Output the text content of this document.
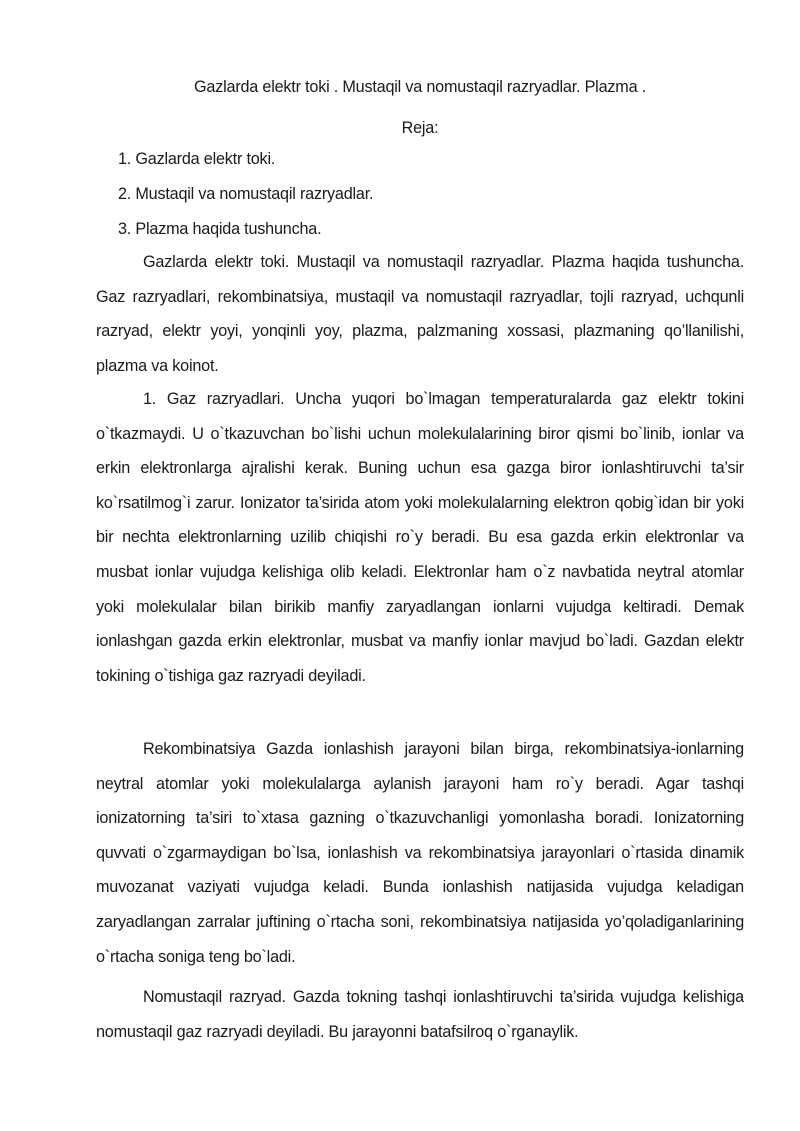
Gazlarda elektr toki . Mustaqil va nomustaqil razryadlar. Plazma .
Reja:
1. Gazlarda elektr toki.
2. Mustaqil va nomustaqil razryadlar.
3. Plazma haqida tushuncha.

Gazlarda elektr toki. Mustaqil va nomustaqil razryadlar. Plazma haqida tushuncha. Gaz razryadlari, rekombinatsiya, mustaqil va nomustaqil razryadlar, tojli razryad, uchqunli razryad, elektr yoyi, yonqinli yoy, plazma, palzmaning xossasi, plazmaning qo’llanilishi, plazma va koinot.

1. Gaz razryadlari. Uncha yuqori bo`lmagan temperaturalarda gaz elektr tokini o`tkazmaydi. U o`tkazuvchan bo`lishi uchun molekulalarining biror qismi bo`linib, ionlar va erkin elektronlarga ajralishi kerak. Buning uchun esa gazga biror ionlashtiruvchi ta’sir ko`rsatilmog`i zarur. Ionizator ta’sirida atom yoki molekulalarning elektron qobig`idan bir yoki bir nechta elektronlarning uzilib chiqishi ro`y beradi. Bu esa gazda erkin elektronlar va musbat ionlar vujudga kelishiga olib keladi. Elektronlar ham o`z navbatida neytral atomlar yoki molekulalar bilan birikib manfiy zaryadlangan ionlarni vujudga keltiradi. Demak ionlashgan gazda erkin elektronlar, musbat va manfiy ionlar mavjud bo`ladi. Gazdan elektr tokining o`tishiga gaz razryadi deyiladi.

Rekombinatsiya Gazda ionlashish jarayoni bilan birga, rekombinatsiya-ionlarning neytral atomlar yoki molekulalarga aylanish jarayoni ham ro`y beradi. Agar tashqi ionizatorning ta’siri to`xtasa gazning o`tkazuvchanligi yomonlasha boradi. Ionizatorning quvvati o`zgarmaydigan bo`lsa, ionlashish va rekombinatsiya jarayonlari o`rtasida dinamik muvozanat vaziyati vujudga keladi. Bunda ionlashish natijasida vujudga keladigan zaryadlangan zarralar juftining o`rtacha soni, rekombinatsiya natijasida yo’qoladiganlarining o`rtacha soniga teng bo`ladi.

Nomustaqil razryad. Gazda tokning tashqi ionlashtiruvchi ta’sirida vujudga kelishiga nomustaqil gaz razryadi deyiladi. Bu jarayonni batafsilroq o`rganaylik.
